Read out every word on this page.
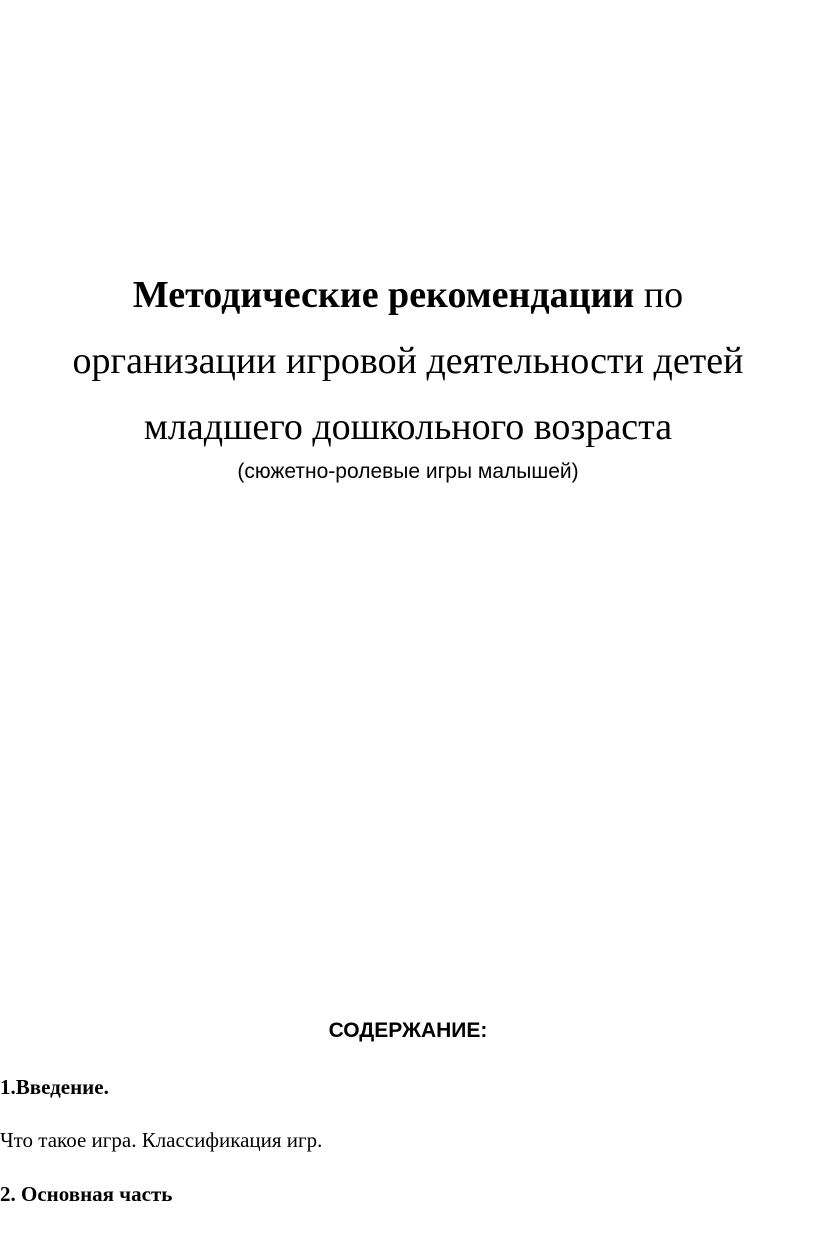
Методические рекомендации по
организации игровой деятельности детей
младшего дошкольного возраста
(сюжетно-ролевые игры малышей)
СОДЕРЖАНИЕ:
1.Введение.
Что такое игра. Классификация игр.
2. Основная часть
